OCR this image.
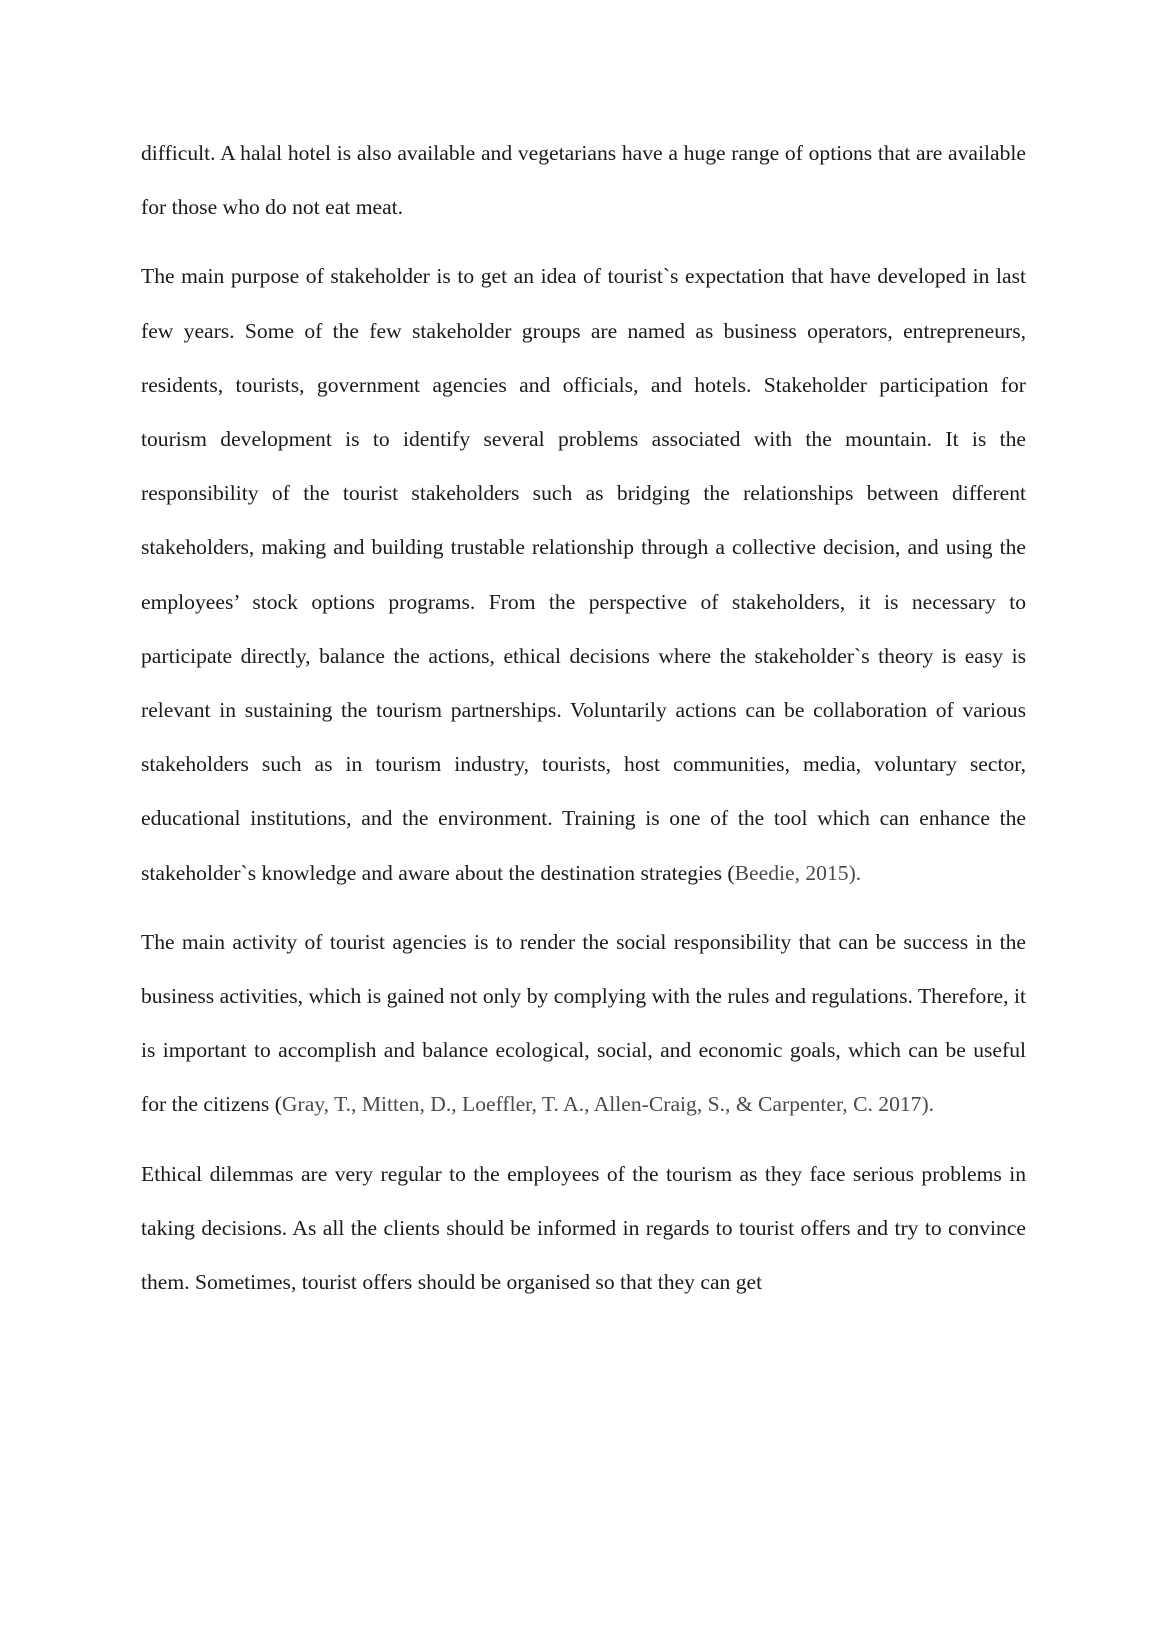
difficult. A halal hotel is also available and vegetarians have a huge range of options that are available for those who do not eat meat.

The main purpose of stakeholder is to get an idea of tourist`s expectation that have developed in last few years. Some of the few stakeholder groups are named as business operators, entrepreneurs, residents, tourists, government agencies and officials, and hotels. Stakeholder participation for tourism development is to identify several problems associated with the mountain. It is the responsibility of the tourist stakeholders such as bridging the relationships between different stakeholders, making and building trustable relationship through a collective decision, and using the employees’ stock options programs. From the perspective of stakeholders, it is necessary to participate directly, balance the actions, ethical decisions where the stakeholder`s theory is easy is relevant in sustaining the tourism partnerships. Voluntarily actions can be collaboration of various stakeholders such as in tourism industry, tourists, host communities, media, voluntary sector, educational institutions, and the environment. Training is one of the tool which can enhance the stakeholder`s knowledge and aware about the destination strategies (Beedie, 2015).

The main activity of tourist agencies is to render the social responsibility that can be success in the business activities, which is gained not only by complying with the rules and regulations. Therefore, it is important to accomplish and balance ecological, social, and economic goals, which can be useful for the citizens (Gray, T., Mitten, D., Loeffler, T. A., Allen-Craig, S., & Carpenter, C. 2017).

Ethical dilemmas are very regular to the employees of the tourism as they face serious problems in taking decisions. As all the clients should be informed in regards to tourist offers and try to convince them. Sometimes, tourist offers should be organised so that they can get
